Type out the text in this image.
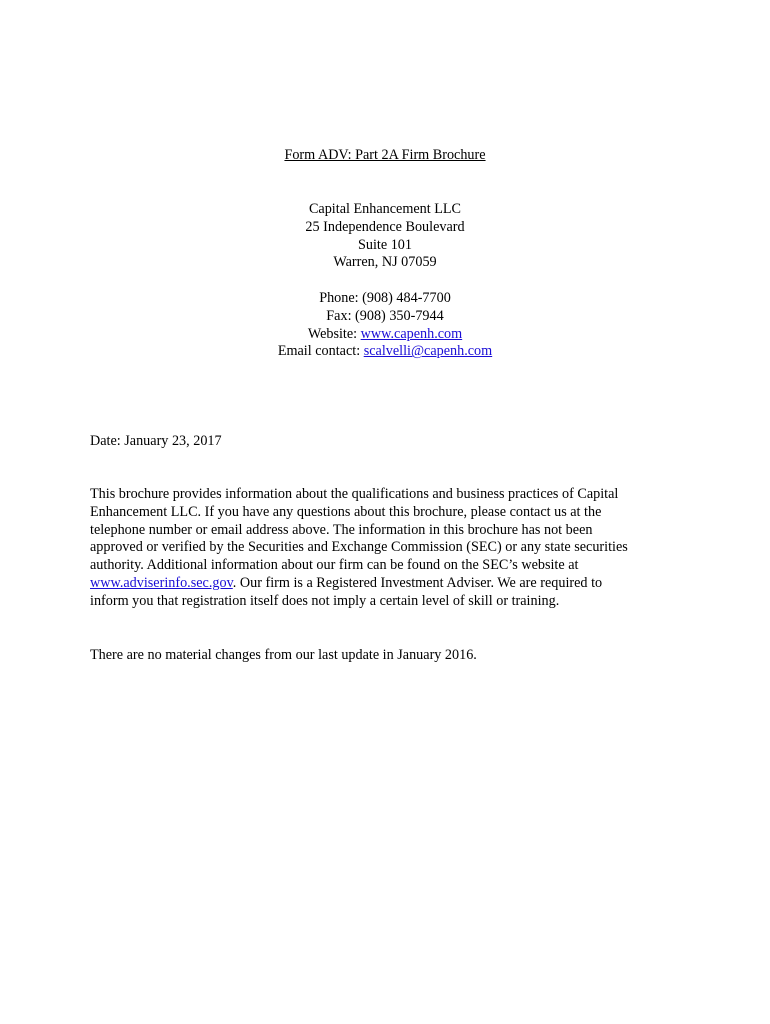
Form ADV: Part 2A Firm Brochure
Capital Enhancement LLC
25 Independence Boulevard
Suite 101
Warren, NJ 07059
Phone: (908) 484-7700
Fax: (908) 350-7944
Website: www.capenh.com
Email contact: scalvelli@capenh.com
Date: January 23, 2017
This brochure provides information about the qualifications and business practices of Capital
Enhancement LLC. If you have any questions about this brochure, please contact us at the
telephone number or email address above. The information in this brochure has not been
approved or verified by the Securities and Exchange Commission (SEC) or any state securities
authority. Additional information about our firm can be found on the SEC’s website at
www.adviserinfo.sec.gov. Our firm is a Registered Investment Adviser. We are required to
inform you that registration itself does not imply a certain level of skill or training.
There are no material changes from our last update in January 2016.
